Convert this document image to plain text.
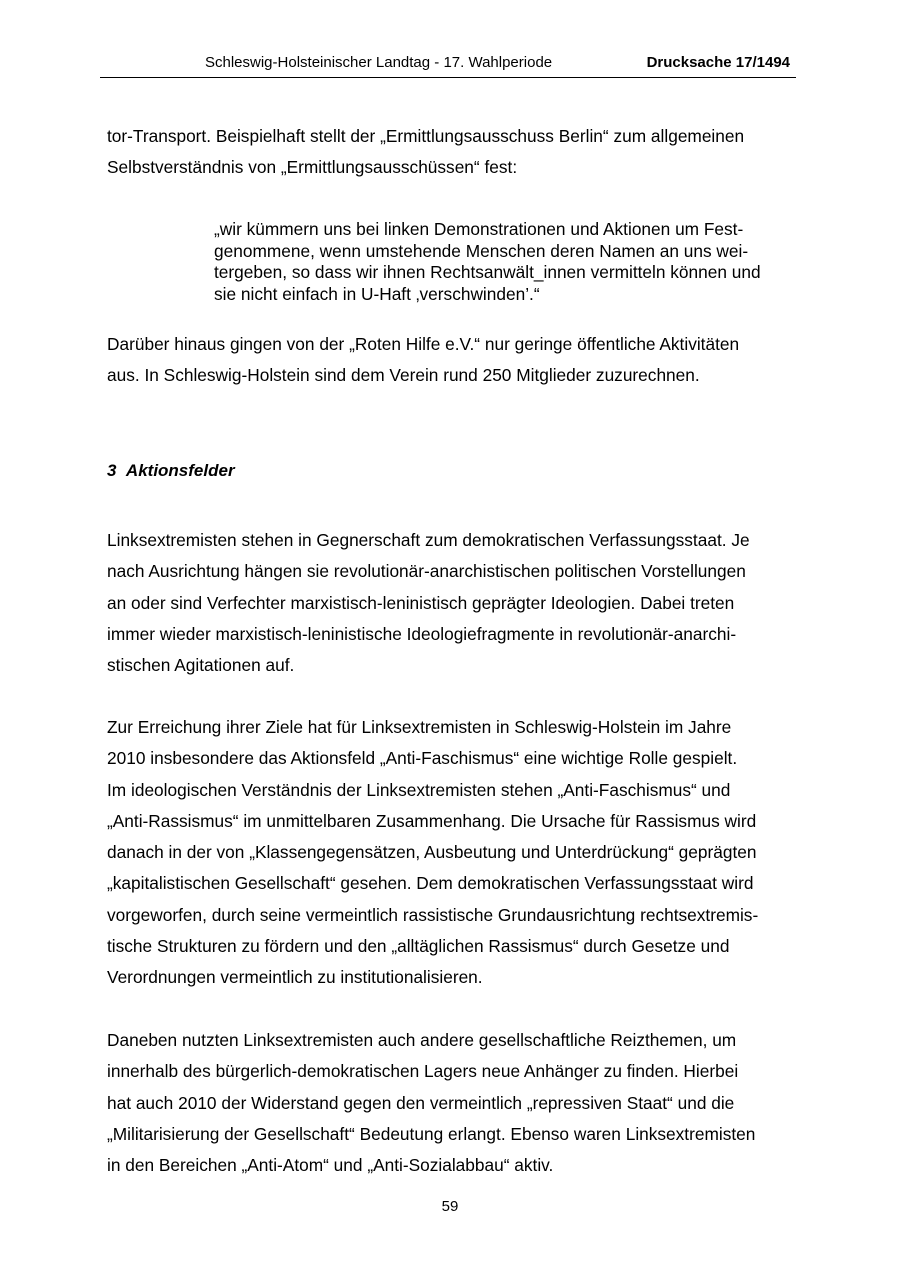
Schleswig-Holsteinischer Landtag - 17. Wahlperiode	Drucksache 17/1494

tor-Transport. Beispielhaft stellt der „Ermittlungsausschuss Berlin“ zum allgemeinen
Selbstverständnis von „Ermittlungsausschüssen“ fest:

„wir kümmern uns bei linken Demonstrationen und Aktionen um Fest-
genommene, wenn umstehende Menschen deren Namen an uns wei-
tergeben, so dass wir ihnen Rechtsanwält_innen vermitteln können und
sie nicht einfach in U-Haft ‚verschwinden’.“

Darüber hinaus gingen von der „Roten Hilfe e.V.“ nur geringe öffentliche Aktivitäten
aus. In Schleswig-Holstein sind dem Verein rund 250 Mitglieder zuzurechnen.

3 Aktionsfelder

Linksextremisten stehen in Gegnerschaft zum demokratischen Verfassungsstaat. Je
nach Ausrichtung hängen sie revolutionär-anarchistischen politischen Vorstellungen
an oder sind Verfechter marxistisch-leninistisch geprägter Ideologien. Dabei treten
immer wieder marxistisch-leninistische Ideologiefragmente in revolutionär-anarchi-
stischen Agitationen auf.

Zur Erreichung ihrer Ziele hat für Linksextremisten in Schleswig-Holstein im Jahre
2010 insbesondere das Aktionsfeld „Anti-Faschismus“ eine wichtige Rolle gespielt.
Im ideologischen Verständnis der Linksextremisten stehen „Anti-Faschismus“ und
„Anti-Rassismus“ im unmittelbaren Zusammenhang. Die Ursache für Rassismus wird
danach in der von „Klassengegensätzen, Ausbeutung und Unterdrückung“ geprägten
„kapitalistischen Gesellschaft“ gesehen. Dem demokratischen Verfassungsstaat wird
vorgeworfen, durch seine vermeintlich rassistische Grundausrichtung rechtsextremis-
tische Strukturen zu fördern und den „alltäglichen Rassismus“ durch Gesetze und
Verordnungen vermeintlich zu institutionalisieren.

Daneben nutzten Linksextremisten auch andere gesellschaftliche Reizthemen, um
innerhalb des bürgerlich-demokratischen Lagers neue Anhänger zu finden. Hierbei
hat auch 2010 der Widerstand gegen den vermeintlich „repressiven Staat“ und die
„Militarisierung der Gesellschaft“ Bedeutung erlangt. Ebenso waren Linksextremisten
in den Bereichen „Anti-Atom“ und „Anti-Sozialabbau“ aktiv.

59
